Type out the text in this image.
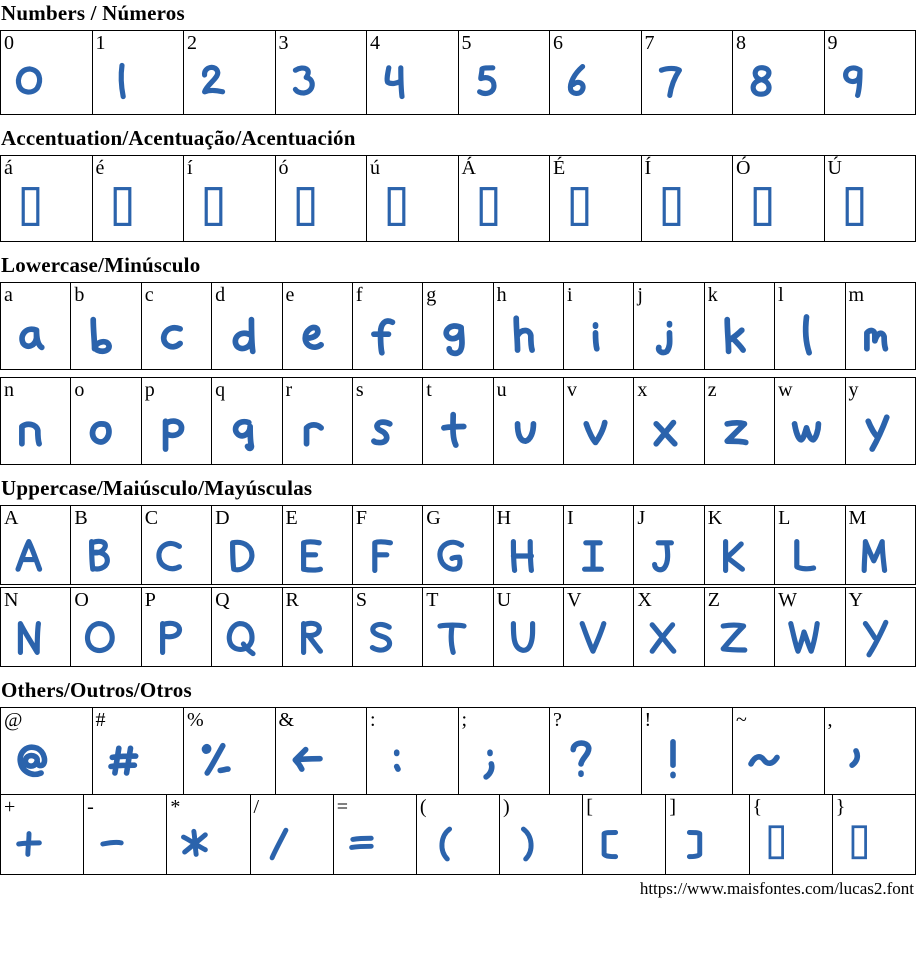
Numbers / Números
0	1	2	3	4	5	6	7	8	9
Accentuation/Acentuação/Acentuación
á	é	í	ó	ú	Á	É	Í	Ó	Ú
Lowercase/Minúsculo
a	b	c	d	e	f	g	h	i	j	k	l	m
n	o	p	q	r	s	t	u	v	x	z	w	y
Uppercase/Maiúsculo/Mayúsculas
A	B	C	D	E	F	G	H	I	J	K	L	M
N	O	P	Q	R	S	T	U	V	X	Z	W	Y
Others/Outros/Otros
@	#	%	&	:	;	?	!	~	,
+	-	*	/	=	(	)	[	]	{	}
https://www.maisfontes.com/lucas2.font
